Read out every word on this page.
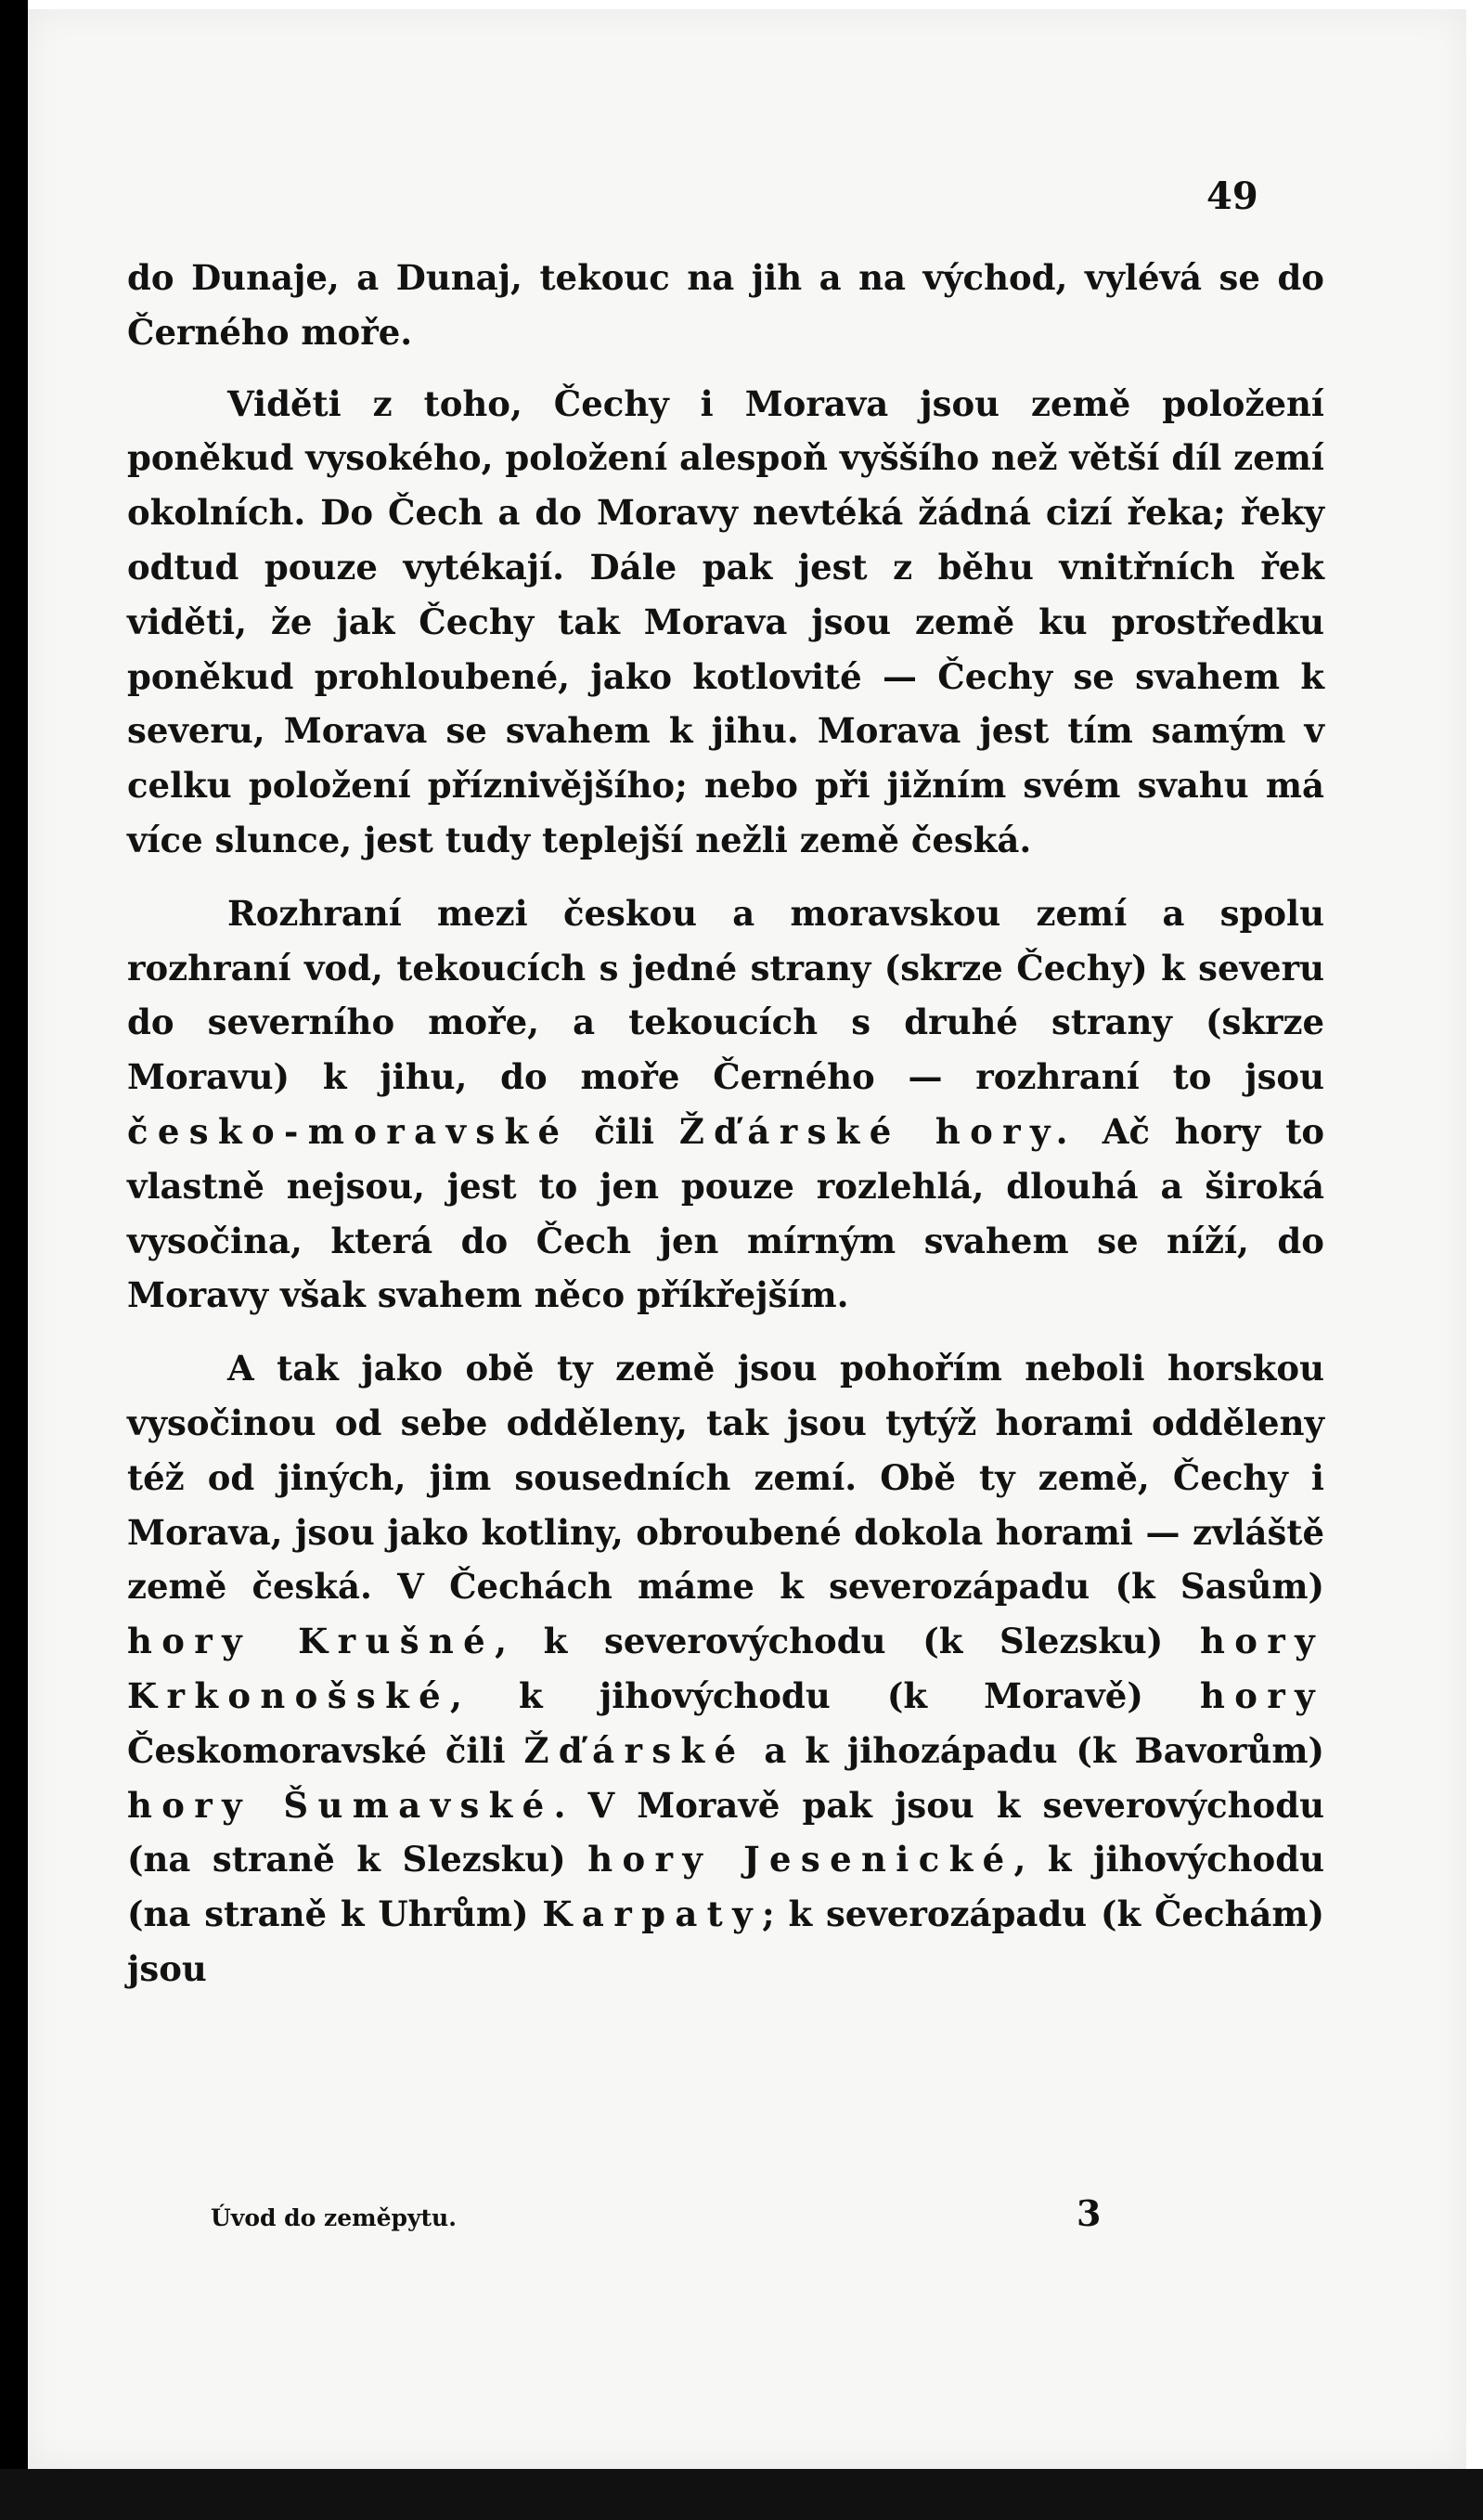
49

do Dunaje, a Dunaj, tekouc na jih a na východ, vylévá se do Černého moře.

Viděti z toho, Čechy i Morava jsou země položení poněkud vysokého, položení alespoň vyššího než větší díl zemí okolních. Do Čech a do Moravy nevtéká žádná cizí řeka; řeky odtud pouze vytékají. Dále pak jest z běhu vnitřních řek viděti, že jak Čechy tak Morava jsou země ku prostředku poněkud prohloubené, jako kotlovité — Čechy se svahem k severu, Morava se svahem k jihu. Morava jest tím samým v celku položení příznivějšího; nebo při jižním svém svahu má více slunce, jest tudy teplejší nežli země česká.

Rozhraní mezi českou a moravskou zemí a spolu rozhraní vod, tekoucích s jedné strany (skrze Čechy) k severu do severního moře, a tekoucích s druhé strany (skrze Moravu) k jihu, do moře Černého — rozhraní to jsou česko-moravské čili Žďárské hory. Ač hory to vlastně nejsou, jest to jen pouze rozlehlá, dlouhá a široká vysočina, která do Čech jen mírným svahem se níží, do Moravy však svahem něco příkřejším.

A tak jako obě ty země jsou pohořím neboli horskou vysočinou od sebe odděleny, tak jsou tytýž horami odděleny též od jiných, jim sousedních zemí. Obě ty země, Čechy i Morava, jsou jako kotliny, obroubené dokola horami — zvláště země česká. V Čechách máme k severozápadu (k Sasům) hory Krušné, k severovýchodu (k Slezsku) hory Krkonošské, k jihovýchodu (k Moravě) hory Českomoravské čili Žďárské a k jihozápadu (k Bavorům) hory Šumavské. V Moravě pak jsou k severovýchodu (na straně k Slezsku) hory Jesenické, k jihovýchodu (na straně k Uhrům) Karpaty; k severozápadu (k Čechám) jsou

Úvod do zeměpytu.	3
